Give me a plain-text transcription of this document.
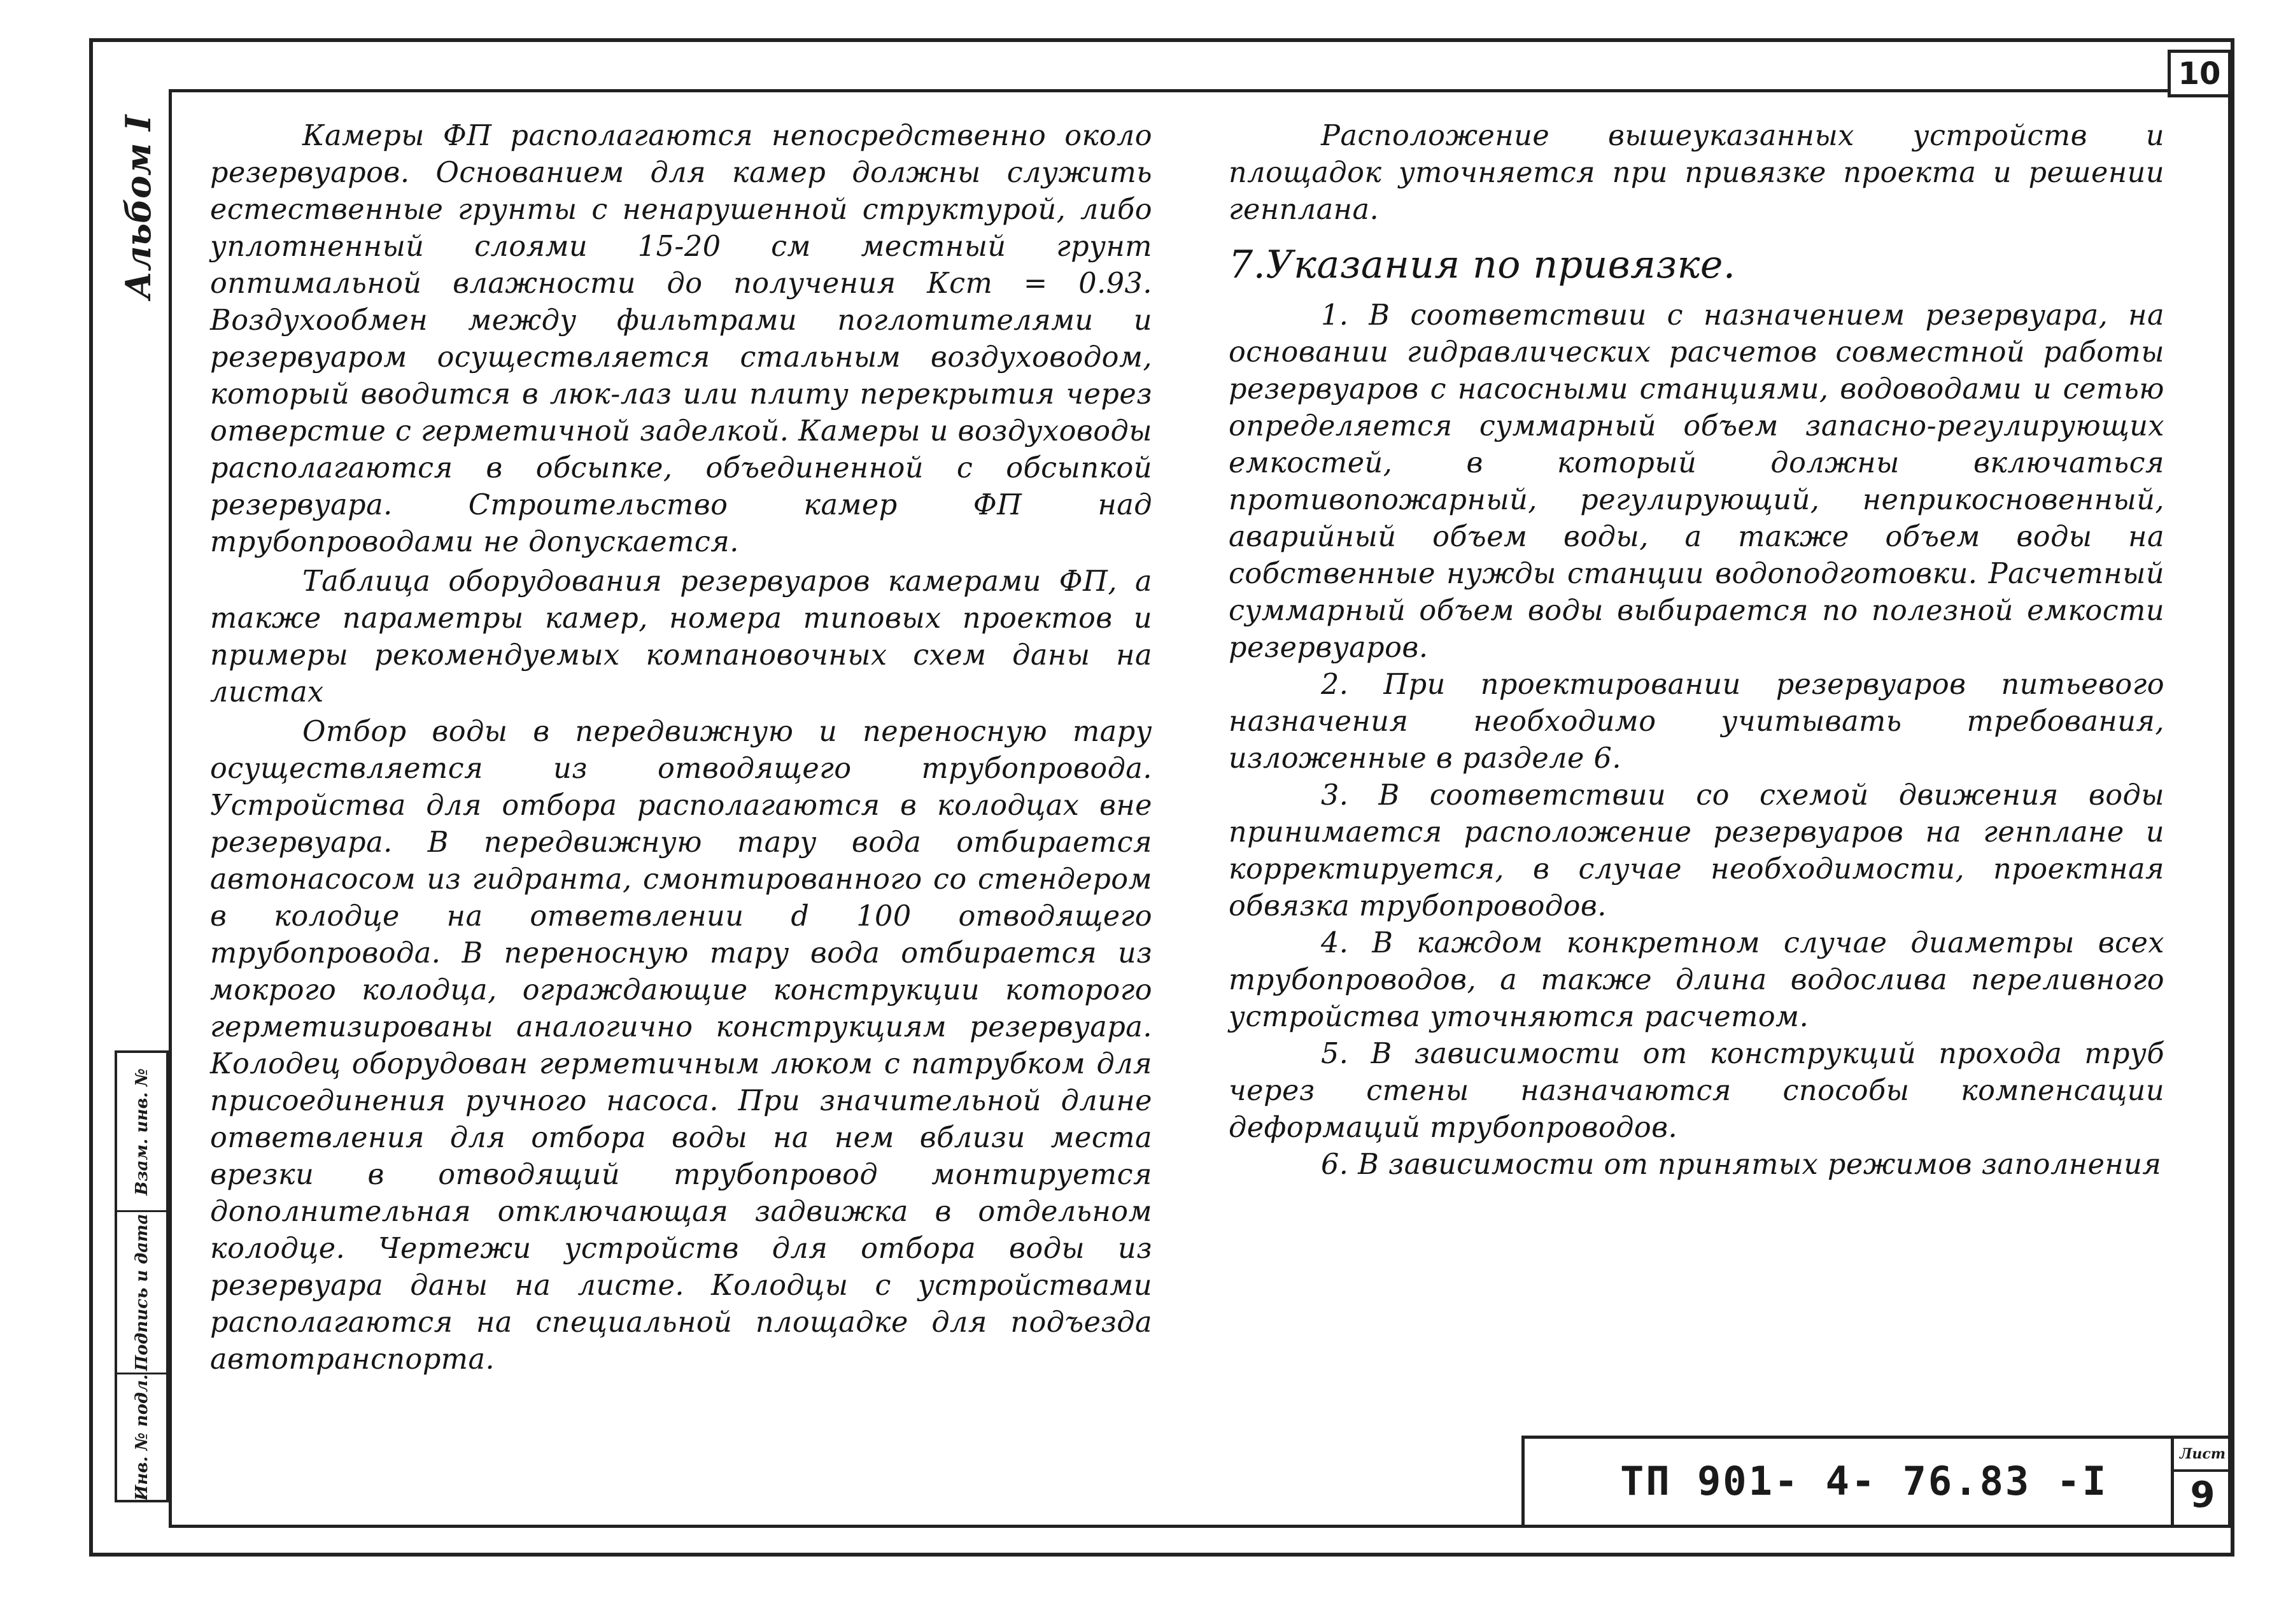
10
Альбом I
Взам. инв. №
Подпись и дата
Инв. № подл.

Камеры ФП располагаются непосредственно около резервуаров. Основанием для камер должны служить естественные грунты с ненарушенной структурой, либо уплотненный слоями 15-20 см местный грунт оптимальной влажности до получения Кст = 0.93. Воздухообмен между фильтрами поглотителями и резервуаром осуществляется стальным воздуховодом, который вводится в люк-лаз или плиту перекрытия через отверстие с герметичной заделкой. Камеры и воздуховоды располагаются в обсыпке, объединенной с обсыпкой резервуара. Строительство камер ФП над трубопроводами не допускается.

Таблица оборудования резервуаров камерами ФП, а также параметры камер, номера типовых проектов и примеры рекомендуемых компановочных схем даны на листах

Отбор воды в передвижную и переносную тару осуществляется из отводящего трубопровода. Устройства для отбора располагаются в колодцах вне резервуара. В передвижную тару вода отбирается автонасосом из гидранта, смонтированного со стендером в колодце на ответвлении d 100 отводящего трубопровода. В переносную тару вода отбирается из мокрого колодца, ограждающие конструкции которого герметизированы аналогично конструкциям резервуара. Колодец оборудован герметичным люком с патрубком для присоединения ручного насоса. При значительной длине ответвления для отбора воды на нем вблизи места врезки в отводящий трубопровод монтируется дополнительная отключающая задвижка в отдельном колодце. Чертежи устройств для отбора воды из резервуара даны на листе. Колодцы с устройствами располагаются на специальной площадке для подъезда автотранспорта.

Расположение вышеуказанных устройств и площадок уточняется при привязке проекта и решении генплана.

7.Указания по привязке.

1. В соответствии с назначением резервуара, на основании гидравлических расчетов совместной работы резервуаров с насосными станциями, водоводами и сетью определяется суммарный объем запасно-регулирующих емкостей, в который должны включаться противопожарный, регулирующий, неприкосновенный, аварийный объем воды, а также объем воды на собственные нужды станции водоподготовки. Расчетный суммарный объем воды выбирается по полезной емкости резервуаров.

2. При проектировании резервуаров питьевого назначения необходимо учитывать требования, изложенные в разделе 6.

3. В соответствии со схемой движения воды принимается расположение резервуаров на генплане и корректируется, в случае необходимости, проектная обвязка трубопроводов.

4. В каждом конкретном случае диаметры всех трубопроводов, а также длина водослива переливного устройства уточняются расчетом.

5. В зависимости от конструкций прохода труб через стены назначаются способы компенсации деформаций трубопроводов.

6. В зависимости от принятых режимов заполнения

ТП 901- 4- 76.83 -I
Лист
9
